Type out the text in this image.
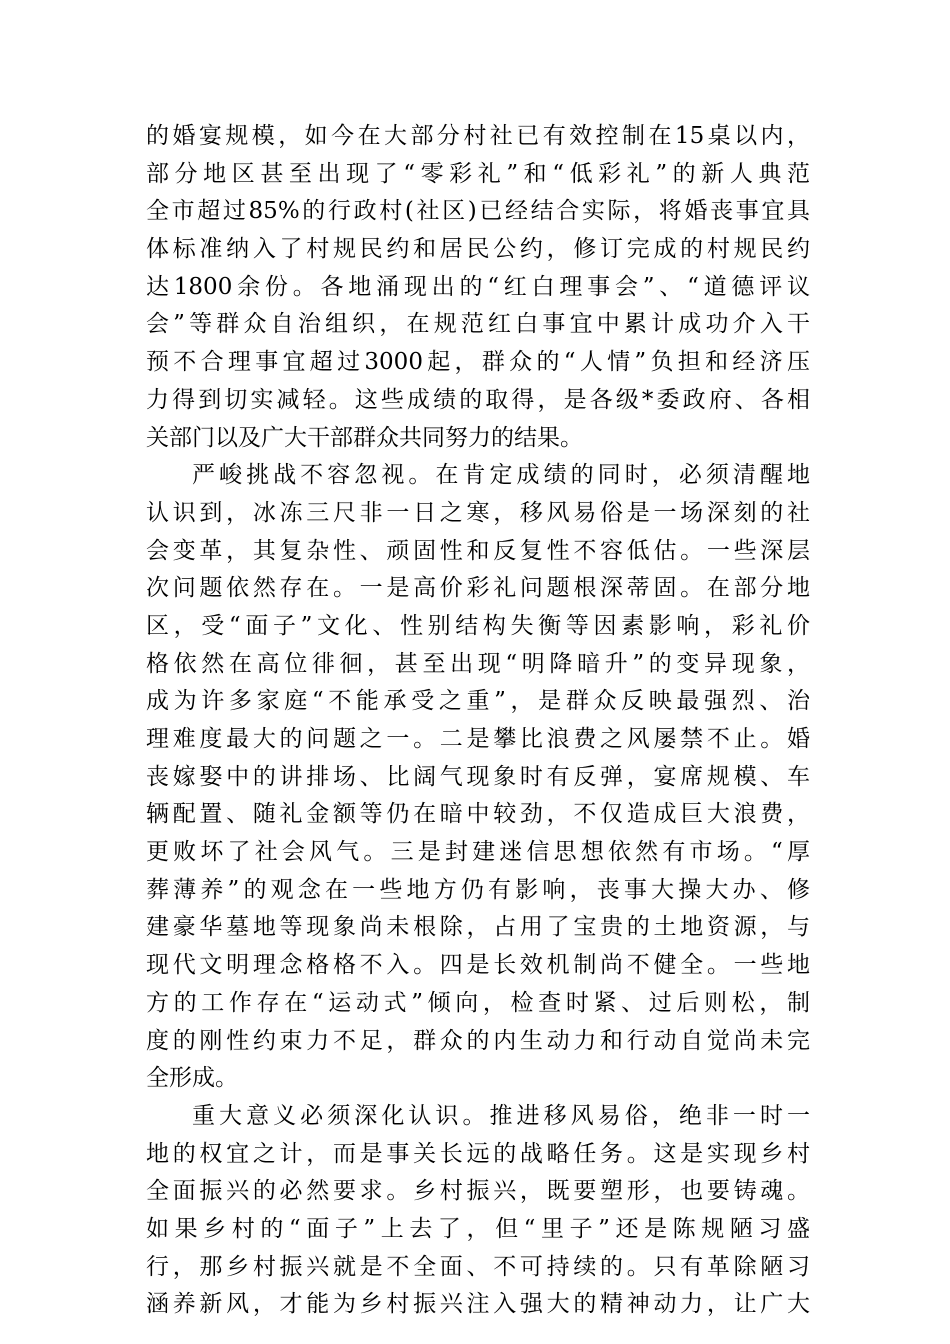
的婚宴规模，如今在大部分村社已有效控制在15桌以内，
部分地区甚至出现了“零彩礼”和“低彩礼”的新人典范
全市超过85%的行政村(社区)已经结合实际，将婚丧事宜具
体标准纳入了村规民约和居民公约，修订完成的村规民约
达1800余份。各地涌现出的“红白理事会”、“道德评议
会”等群众自治组织，在规范红白事宜中累计成功介入干
预不合理事宜超过3000起，群众的“人情”负担和经济压
力得到切实减轻。这些成绩的取得，是各级*委政府、各相
关部门以及广大干部群众共同努力的结果。
严峻挑战不容忽视。在肯定成绩的同时，必须清醒地
认识到，冰冻三尺非一日之寒，移风易俗是一场深刻的社
会变革，其复杂性、顽固性和反复性不容低估。一些深层
次问题依然存在。一是高价彩礼问题根深蒂固。在部分地
区，受“面子”文化、性别结构失衡等因素影响，彩礼价
格依然在高位徘徊，甚至出现“明降暗升”的变异现象，
成为许多家庭“不能承受之重”，是群众反映最强烈、治
理难度最大的问题之一。二是攀比浪费之风屡禁不止。婚
丧嫁娶中的讲排场、比阔气现象时有反弹，宴席规模、车
辆配置、随礼金额等仍在暗中较劲，不仅造成巨大浪费，
更败坏了社会风气。三是封建迷信思想依然有市场。“厚
葬薄养”的观念在一些地方仍有影响，丧事大操大办、修
建豪华墓地等现象尚未根除，占用了宝贵的土地资源，与
现代文明理念格格不入。四是长效机制尚不健全。一些地
方的工作存在“运动式”倾向，检查时紧、过后则松，制
度的刚性约束力不足，群众的内生动力和行动自觉尚未完
全形成。
重大意义必须深化认识。推进移风易俗，绝非一时一
地的权宜之计，而是事关长远的战略任务。这是实现乡村
全面振兴的必然要求。乡村振兴，既要塑形，也要铸魂。
如果乡村的“面子”上去了，但“里子”还是陈规陋习盛
行，那乡村振兴就是不全面、不可持续的。只有革除陋习
涵养新风，才能为乡村振兴注入强大的精神动力，让广大
